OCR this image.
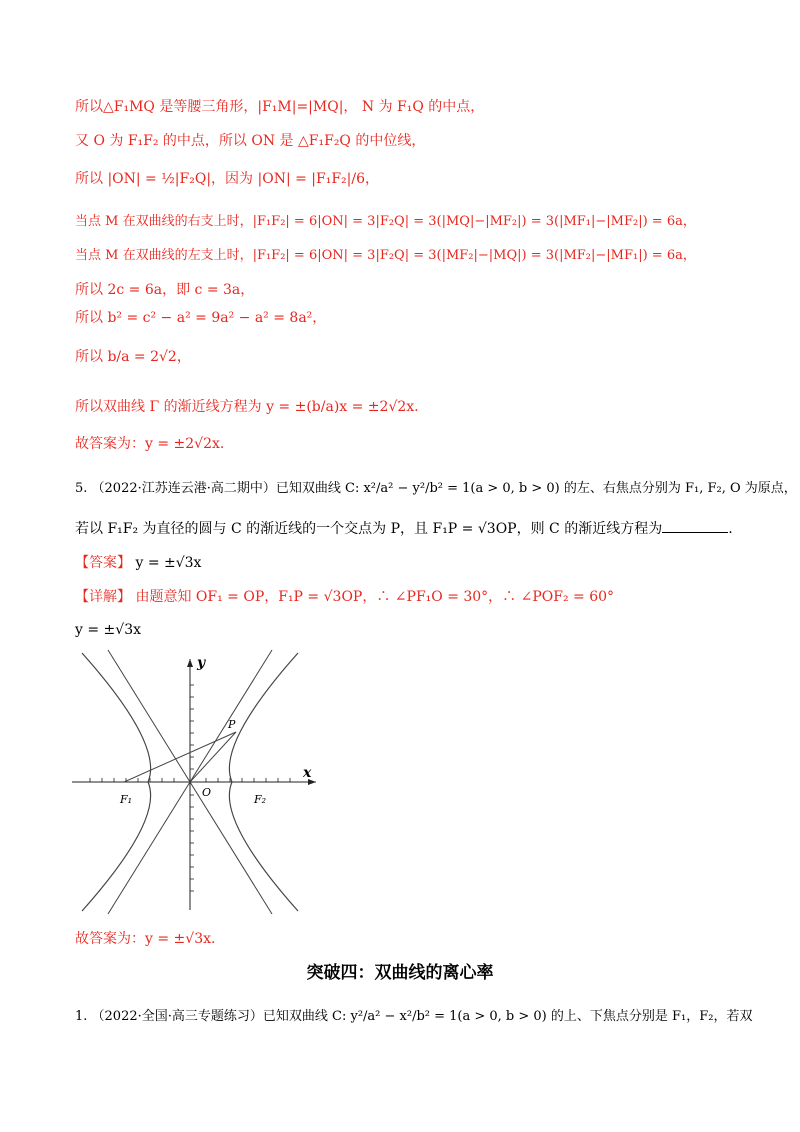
所以△F₁MQ 是等腰三角形，|F₁M|=|MQ|， N 为 F₁Q 的中点，
又 O 为 F₁F₂ 的中点，所以 ON 是 △F₁F₂Q 的中位线，
所以 |ON| = ½|F₂Q|，因为 |ON| = |F₁F₂|/6，
当点 M 在双曲线的右支上时，|F₁F₂| = 6|ON| = 3|F₂Q| = 3(|MQ|−|MF₂|) = 3(|MF₁|−|MF₂|) = 6a，
当点 M 在双曲线的左支上时，|F₁F₂| = 6|ON| = 3|F₂Q| = 3(|MF₂|−|MQ|) = 3(|MF₂|−|MF₁|) = 6a，
所以 2c = 6a，即 c = 3a，
所以 b² = c² − a² = 9a² − a² = 8a²，
所以 b/a = 2√2，
所以双曲线 Γ 的渐近线方程为 y = ±(b/a)x = ±2√2x.
故答案为：y = ±2√2x.
5. （2022·江苏连云港·高二期中）已知双曲线 C: x²/a² − y²/b² = 1(a > 0, b > 0) 的左、右焦点分别为 F₁, F₂, O 为原点，
若以 F₁F₂ 为直径的圆与 C 的渐近线的一个交点为 P，且 F₁P = √3OP，则 C 的渐近线方程为	.
【答案】 y = ±√3x
【详解】 由题意知 OF₁ = OP，F₁P = √3OP，∴ ∠PF₁O = 30°，∴ ∠POF₂ = 60°
y = ±√3x
y
x
P
O
F₁	F₂
故答案为：y = ±√3x.
突破四：双曲线的离心率
1. （2022·全国·高三专题练习）已知双曲线 C: y²/a² − x²/b² = 1(a > 0, b > 0) 的上、下焦点分别是 F₁，F₂，若双
